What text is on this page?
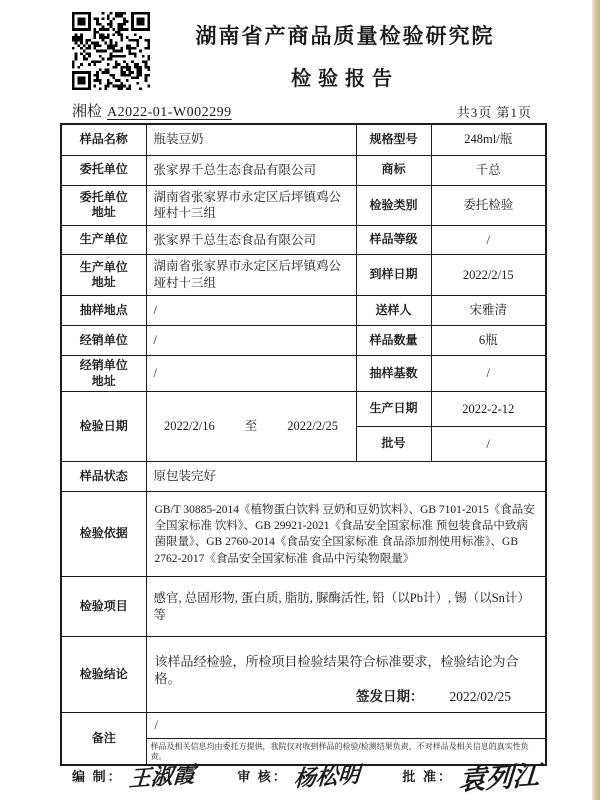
湖南省产商品质量检验研究院
检验报告
湘检 A2022-01-W002299	共3页 第1页
样品名称	瓶装豆奶	规格型号	248ml/瓶
委托单位	张家界千总生态食品有限公司	商标	千总
委托单位
地址	湖南省张家界市永定区后坪镇鸡公垭村十三组	检验类别	委托检验
生产单位	张家界千总生态食品有限公司	样品等级	/
生产单位
地址	湖南省张家界市永定区后坪镇鸡公垭村十三组	到样日期	2022/2/15
抽样地点	/	送样人	宋雅清
经销单位	/	样品数量	6瓶
经销单位
地址	/	抽样基数	/
检验日期	2022/2/16 至 2022/2/25	生产日期	2022-2-12
		批号	/
样品状态	原包装完好		
检验依据	GB/T 30885-2014《植物蛋白饮料 豆奶和豆奶饮料》、GB 7101-2015《食品安全国家标准 饮料》、GB 29921-2021《食品安全国家标准 预包装食品中致病菌限量》、GB 2760-2014《食品安全国家标准 食品添加剂使用标准》、GB 2762-2017《食品安全国家标准 食品中污染物限量》		
检验项目	感官, 总固形物, 蛋白质, 脂肪, 脲酶活性, 铅（以Pb计）, 锡（以Sn计）等		
检验结论	该样品经检验，所检项目检验结果符合标准要求，检验结论为合格。
签发日期： 2022/02/25		

备注	/
样品及相关信息均由委托方提供，我院仅对收到样品的检验/检测结果负责，不对样品及相关信息的真实性负责。		
编 制： 王淑霞	审 核： 杨松明	批 准： 袁列江
